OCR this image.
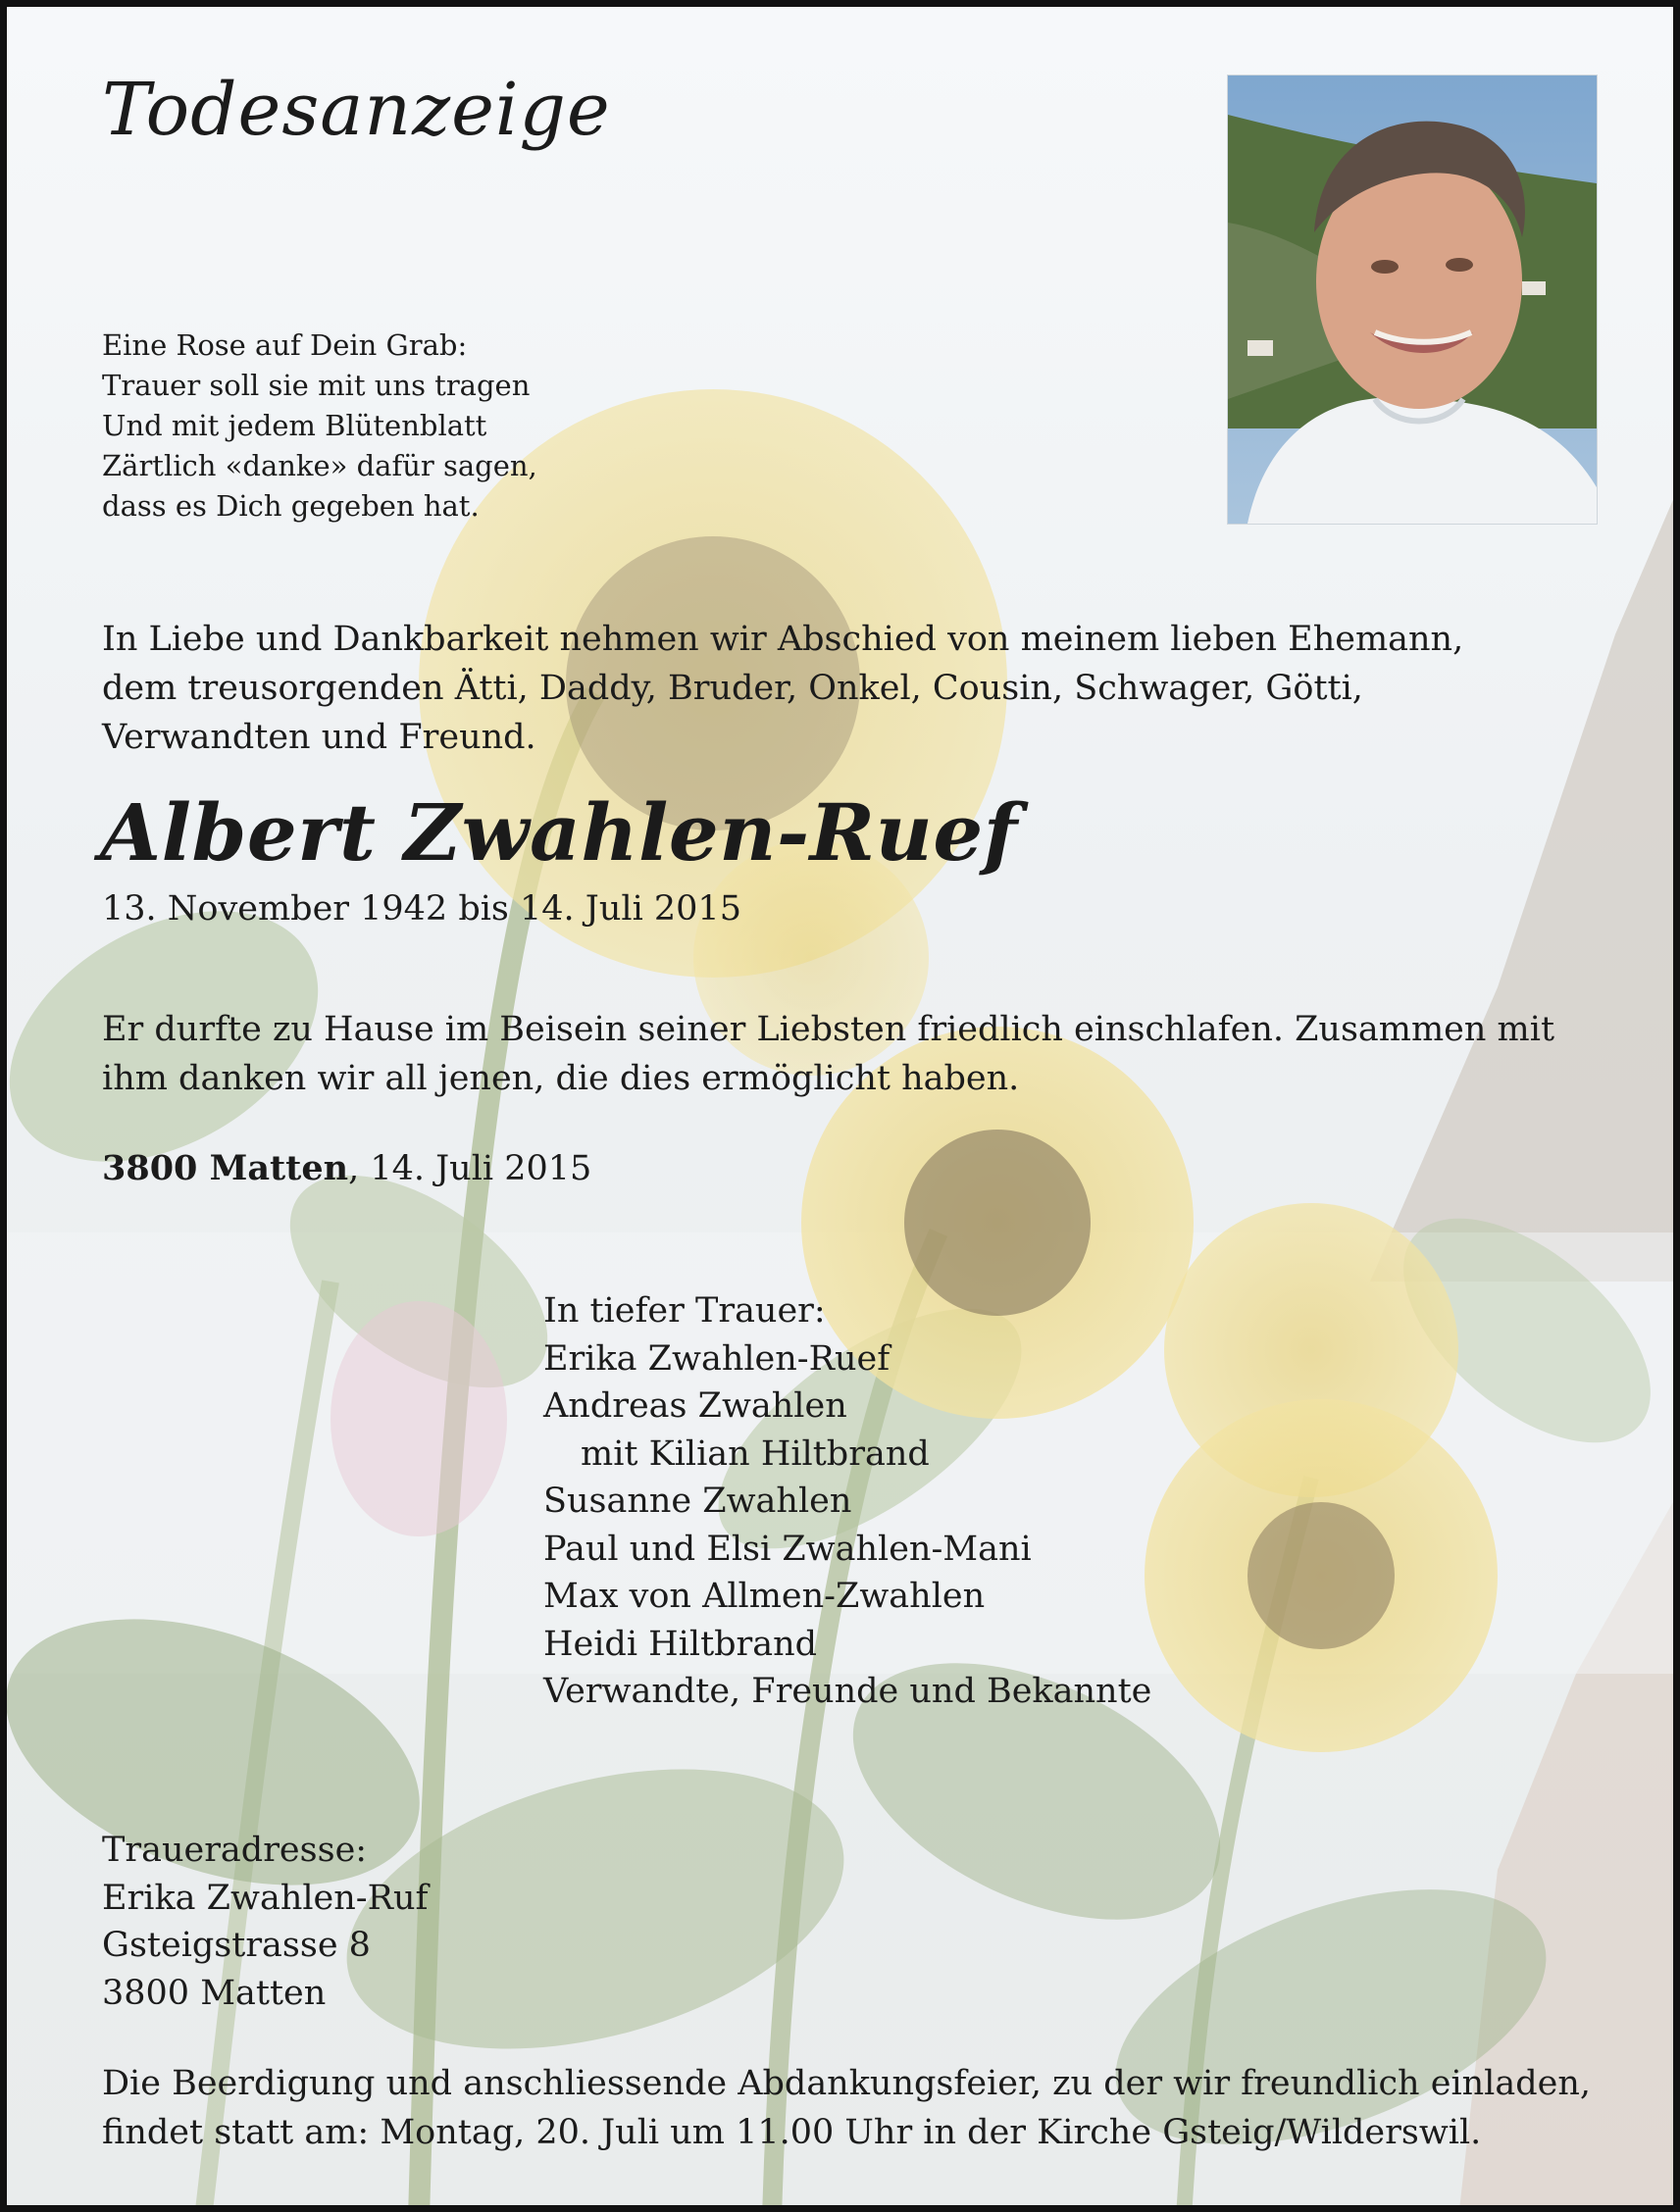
Todesanzeige
Eine Rose auf Dein Grab:
Trauer soll sie mit uns tragen
Und mit jedem Blütenblatt
Zärtlich «danke» dafür sagen,
dass es Dich gegeben hat.
In Liebe und Dankbarkeit nehmen wir Abschied von meinem lieben Ehemann,
dem treusorgenden Ätti, Daddy, Bruder, Onkel, Cousin, Schwager, Götti,
Verwandten und Freund.
Albert Zwahlen-Ruef
13. November 1942 bis 14. Juli 2015
Er durfte zu Hause im Beisein seiner Liebsten friedlich einschlafen. Zusammen mit
ihm danken wir all jenen, die dies ermöglicht haben.
3800 Matten, 14. Juli 2015
In tiefer Trauer:
Erika Zwahlen-Ruef
Andreas Zwahlen
mit Kilian Hiltbrand
Susanne Zwahlen
Paul und Elsi Zwahlen-Mani
Max von Allmen-Zwahlen
Heidi Hiltbrand
Verwandte, Freunde und Bekannte
Traueradresse:
Erika Zwahlen-Ruf
Gsteigstrasse 8
3800 Matten
Die Beerdigung und anschliessende Abdankungsfeier, zu der wir freundlich einladen,
findet statt am: Montag, 20. Juli um 11.00 Uhr in der Kirche Gsteig/Wilderswil.
